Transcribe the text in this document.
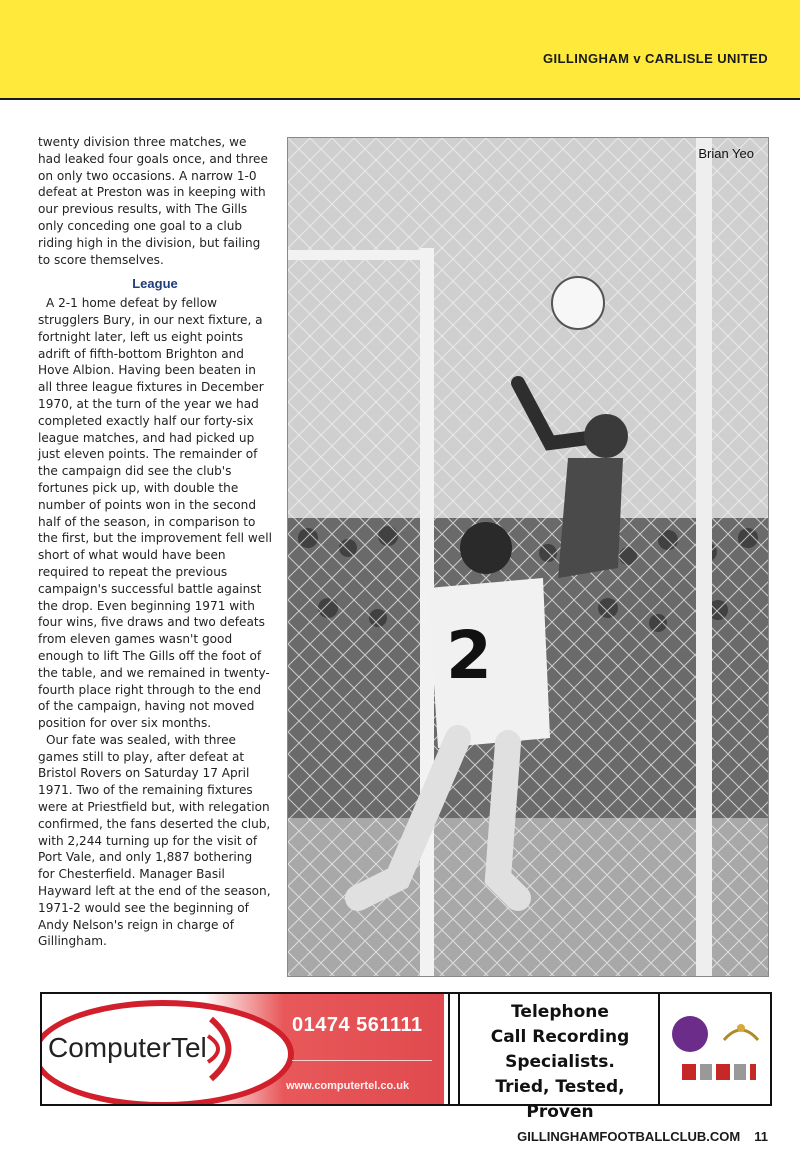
GILLINGHAM v CARLISLE UNITED

twenty division three matches, we had leaked four goals once, and three on only two occasions. A narrow 1-0 defeat at Preston was in keeping with our previous results, with The Gills only conceding one goal to a club riding high in the division, but failing to score themselves.

League

A 2-1 home defeat by fellow strugglers Bury, in our next fixture, a fortnight later, left us eight points adrift of fifth-bottom Brighton and Hove Albion. Having been beaten in all three league fixtures in December 1970, at the turn of the year we had completed exactly half our forty-six league matches, and had picked up just eleven points. The remainder of the campaign did see the club's fortunes pick up, with double the number of points won in the second half of the season, in comparison to the first, but the improvement fell well short of what would have been required to repeat the previous campaign's successful battle against the drop. Even beginning 1971 with four wins, five draws and two defeats from eleven games wasn't good enough to lift The Gills off the foot of the table, and we remained in twenty-fourth place right through to the end of the campaign, having not moved position for over six months.

Our fate was sealed, with three games still to play, after defeat at Bristol Rovers on Saturday 17 April 1971. Two of the remaining fixtures were at Priestfield but, with relegation confirmed, the fans deserted the club, with 2,244 turning up for the visit of Port Vale, and only 1,887 bothering for Chesterfield. Manager Basil Hayward left at the end of the season, 1971-2 would see the beginning of Andy Nelson's reign in charge of Gillingham.

2
Brian Yeo
ComputerTel
01474 561111
www.computertel.co.uk
Telephone
Call Recording
Specialists.
Tried, Tested, Proven
GILLINGHAMFOOTBALLCLUB.COM 11
